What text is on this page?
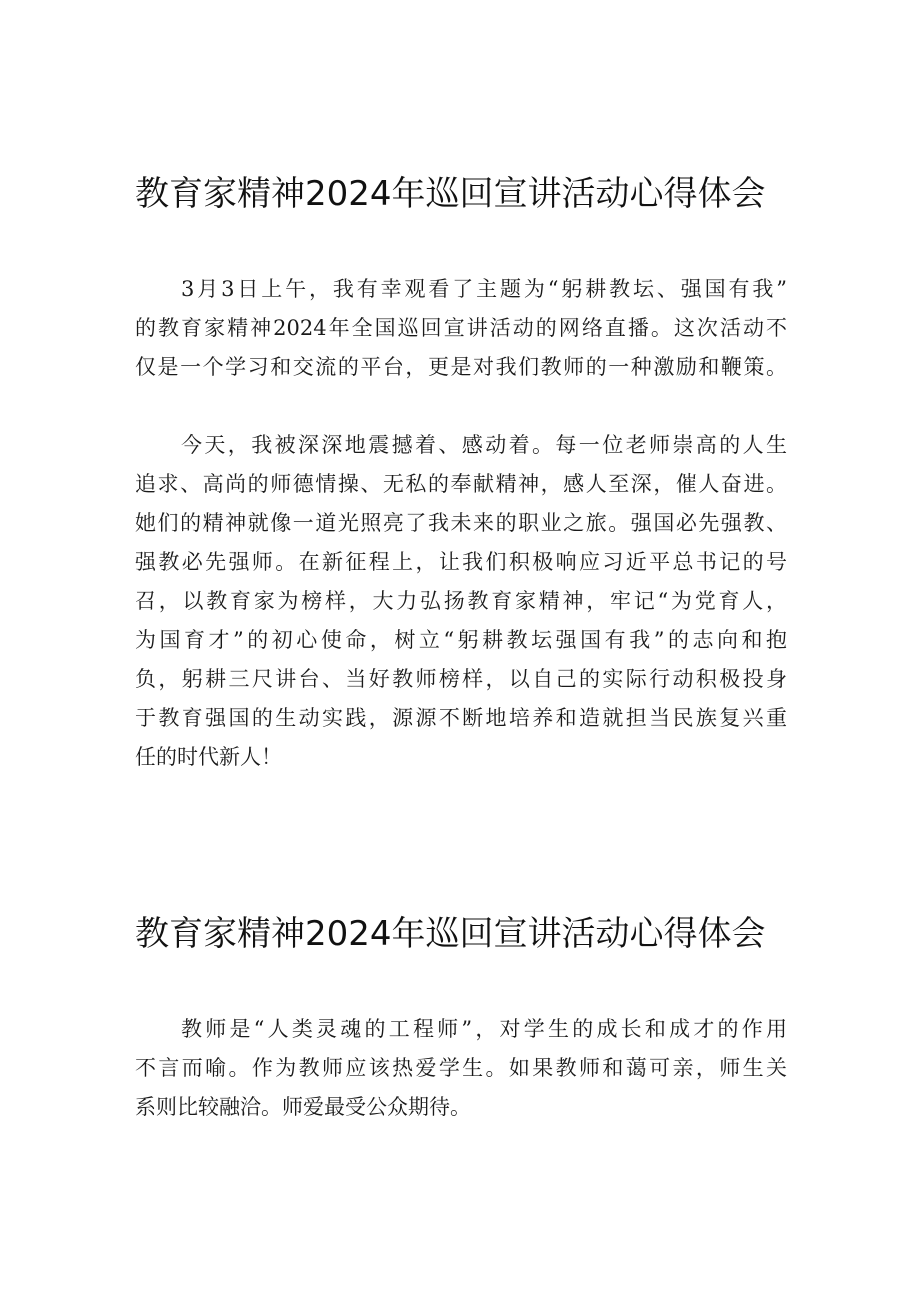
教育家精神2024年巡回宣讲活动心得体会
3月3日上午，我有幸观看了主题为“躬耕教坛、强国有我”
的教育家精神2024年全国巡回宣讲活动的网络直播。这次活动不
仅是一个学习和交流的平台，更是对我们教师的一种激励和鞭策。
今天，我被深深地震撼着、感动着。每一位老师崇高的人生
追求、高尚的师德情操、无私的奉献精神，感人至深，催人奋进。
她们的精神就像一道光照亮了我未来的职业之旅。强国必先强教、
强教必先强师。在新征程上，让我们积极响应习近平总书记的号
召，以教育家为榜样，大力弘扬教育家精神，牢记“为党育人，
为国育才”的初心使命，树立“躬耕教坛强国有我”的志向和抱
负，躬耕三尺讲台、当好教师榜样，以自己的实际行动积极投身
于教育强国的生动实践，源源不断地培养和造就担当民族复兴重
任的时代新人！
教育家精神2024年巡回宣讲活动心得体会
教师是“人类灵魂的工程师”，对学生的成长和成才的作用
不言而喻。作为教师应该热爱学生。如果教师和蔼可亲，师生关
系则比较融洽。师爱最受公众期待。
